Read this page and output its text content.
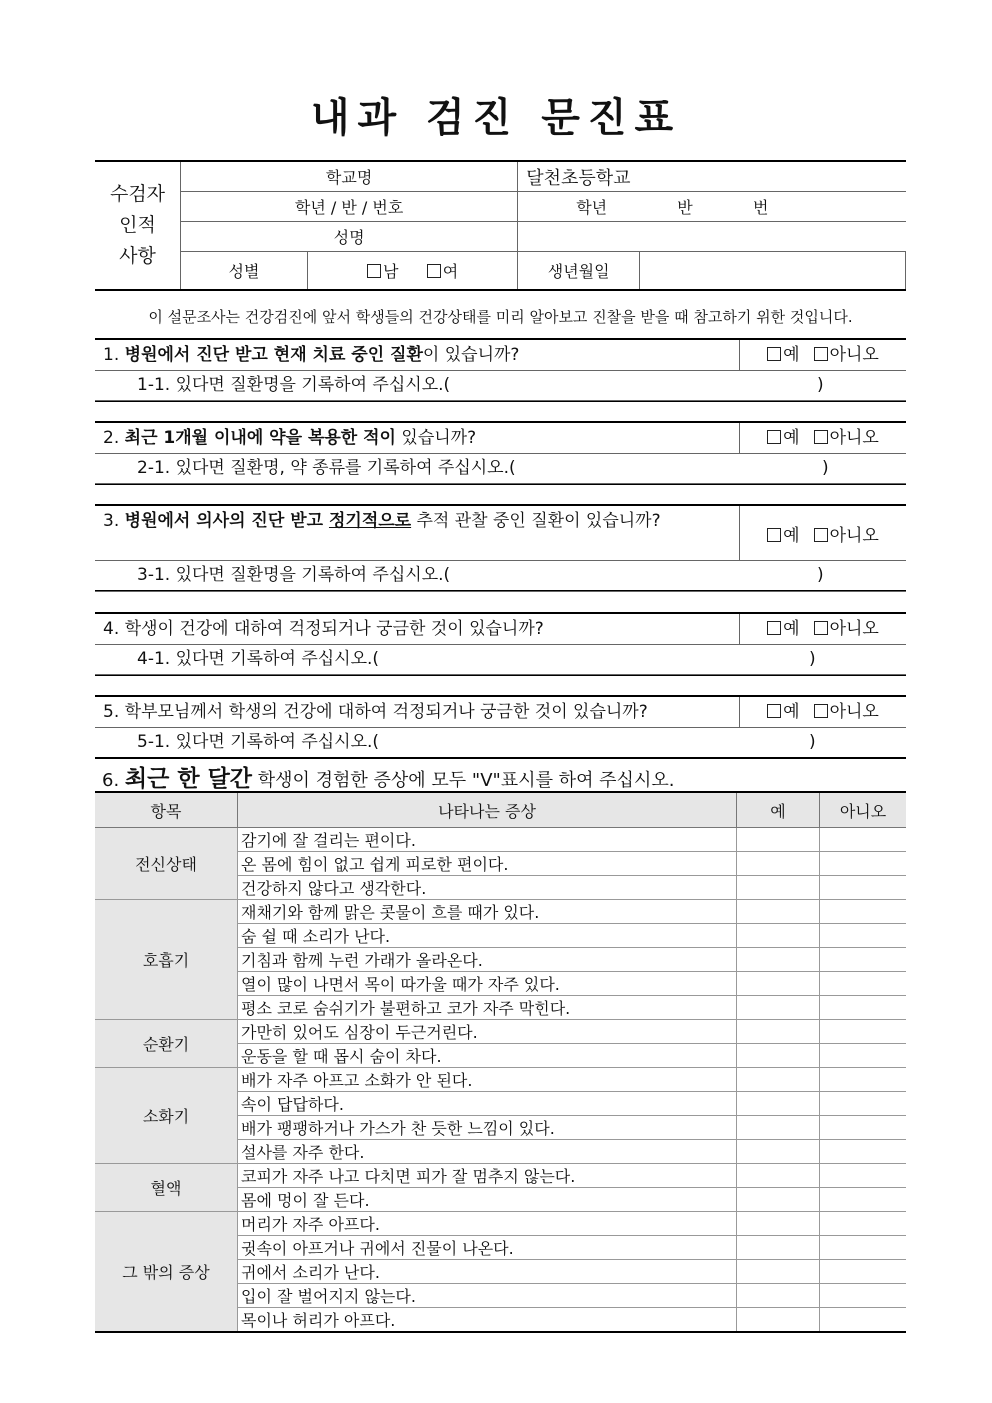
내과 검진 문진표
수검자
인적
사항	학교명		달천초등학교	
	학년 / 반 / 번호		학년 반 번	
	성명			
	성별	남 여	생년월일	
이 설문조사는 건강검진에 앞서 학생들의 건강상태를 미리 알아보고 진찰을 받을 때 참고하기 위한 것입니다.
1. 병원에서 진단 받고 현재 치료 중인 질환이 있습니까?	예	아니오
1-1. 있다면 질환명을 기록하여 주십시오.(	)
2. 최근 1개월 이내에 약을 복용한 적이 있습니까?	예	아니오
2-1. 있다면 질환명, 약 종류를 기록하여 주십시오.(	)
3. 병원에서 의사의 진단 받고 정기적으로 추적 관찰 중인 질환이 있습니까?
예	아니오
3-1. 있다면 질환명을 기록하여 주십시오.(	)
4. 학생이 건강에 대하여 걱정되거나 궁금한 것이 있습니까?	예	아니오
4-1. 있다면 기록하여 주십시오.(	)
5. 학부모님께서 학생의 건강에 대하여 걱정되거나 궁금한 것이 있습니까?	예	아니오
5-1. 있다면 기록하여 주십시오.(	)
6. 최근 한 달간 학생이 경험한 증상에 모두 "V"표시를 하여 주십시오.
항목	나타나는 증상	예	아니오
전신상태	감기에 잘 걸리는 편이다.		
	온 몸에 힘이 없고 쉽게 피로한 편이다.		
	건강하지 않다고 생각한다.		
호흡기	재채기와 함께 맑은 콧물이 흐를 때가 있다.		
	숨 쉴 때 소리가 난다.		
	기침과 함께 누런 가래가 올라온다.		
	열이 많이 나면서 목이 따가울 때가 자주 있다.		
	평소 코로 숨쉬기가 불편하고 코가 자주 막힌다.		
순환기	가만히 있어도 심장이 두근거린다.		
	운동을 할 때 몹시 숨이 차다.		
소화기	배가 자주 아프고 소화가 안 된다.		
	속이 답답하다.		
	배가 팽팽하거나 가스가 찬 듯한 느낌이 있다.		
	설사를 자주 한다.		
혈액	코피가 자주 나고 다치면 피가 잘 멈추지 않는다.		
	몸에 멍이 잘 든다.		
그 밖의 증상	머리가 자주 아프다.		
	귓속이 아프거나 귀에서 진물이 나온다.		
	귀에서 소리가 난다.		
	입이 잘 벌어지지 않는다.		
	목이나 허리가 아프다.		
